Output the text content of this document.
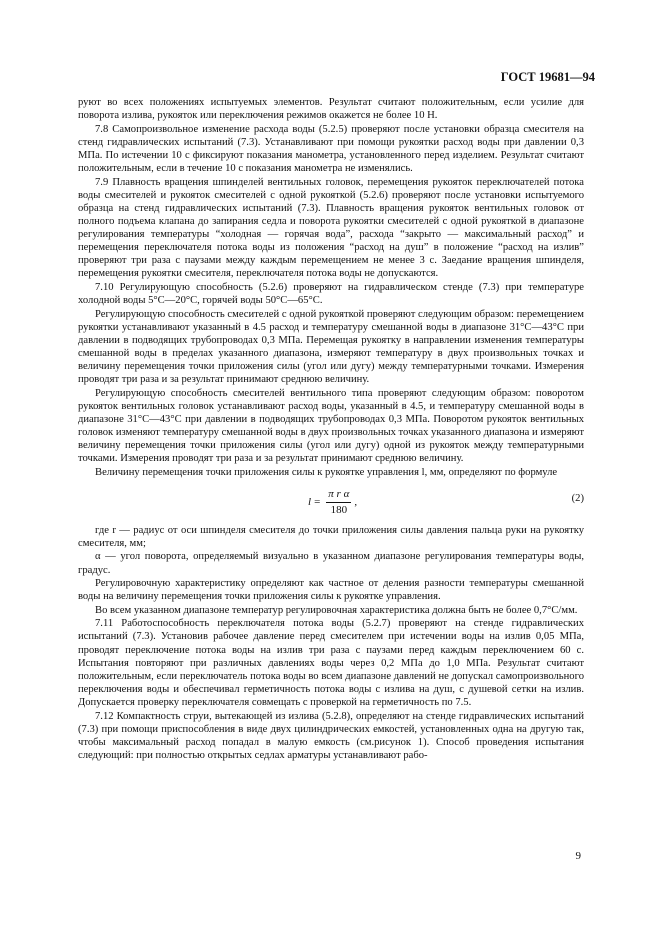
ГОСТ 19681—94

руют во всех положениях испытуемых элементов. Результат считают положительным, если усилие для поворота излива, рукояток или переключения режимов окажется не более 10 Н.

7.8 Самопроизвольное изменение расхода воды (5.2.5) проверяют после установки образца смесителя на стенд гидравлических испытаний (7.3). Устанавливают при помощи рукоятки расход воды при давлении 0,3 МПа. По истечении 10 с фиксируют показания манометра, установленного перед изделием. Результат считают положительным, если в течение 10 с показания манометра не изменялись.

7.9 Плавность вращения шпинделей вентильных головок, перемещения рукояток переключателей потока воды смесителей и рукояток смесителей с одной рукояткой (5.2.6) проверяют после установки испытуемого образца на стенд гидравлических испытаний (7.3). Плавность вращения рукояток вентильных головок от полного подъема клапана до запирания седла и поворота рукоятки смесителей с одной рукояткой в диапазоне регулирования температуры “холодная — горячая вода”, расхода “закрыто — максимальный расход” и перемещения переключателя потока воды из положения “расход на душ” в положение “расход на излив” проверяют три раза с паузами между каждым перемещением не менее 3 с. Заедание вращения шпинделя, перемещения рукоятки смесителя, переключателя потока воды не допускаются.

7.10 Регулирующую способность (5.2.6) проверяют на гидравлическом стенде (7.3) при температуре холодной воды 5°С—20°С, горячей воды 50°С—65°С.

Регулирующую способность смесителей с одной рукояткой проверяют следующим образом: перемещением рукоятки устанавливают указанный в 4.5 расход и температуру смешанной воды в диапазоне 31°С—43°С при давлении в подводящих трубопроводах 0,3 МПа. Перемещая рукоятку в направлении изменения температуры смешанной воды в пределах указанного диапазона, измеряют температуру в двух произвольных точках и величину перемещения точки приложения силы (угол или дугу) между температурными точками. Измерения проводят три раза и за результат принимают среднюю величину.

Регулирующую способность смесителей вентильного типа проверяют следующим образом: поворотом рукояток вентильных головок устанавливают расход воды, указанный в 4.5, и температуру смешанной воды в диапазоне 31°С—43°С при давлении в подводящих трубопроводах 0,3 МПа. Поворотом рукояток вентильных головок изменяют температуру смешанной воды в двух произвольных точках указанного диапазона и измеряют величину перемещения точки приложения силы (угол или дугу) одной из рукояток между температурными точками. Измерения проводят три раза и за результат принимают среднюю величину.

Величину перемещения точки приложения силы к рукоятке управления l, мм, определяют по формуле

$l = \frac{\text{π r α}}{180}$ ,	(2)

где r — радиус от оси шпинделя смесителя до точки приложения силы давления пальца руки на рукоятку смесителя, мм;

α — угол поворота, определяемый визуально в указанном диапазоне регулирования температуры воды, градус.

Регулировочную характеристику определяют как частное от деления разности температуры смешанной воды на величину перемещения точки приложения силы к рукоятке управления.

Во всем указанном диапазоне температур регулировочная характеристика должна быть не более 0,7°С/мм.

7.11 Работоспособность переключателя потока воды (5.2.7) проверяют на стенде гидравлических испытаний (7.3). Установив рабочее давление перед смесителем при истечении воды на излив 0,05 МПа, проводят переключение потока воды на излив три раза с паузами перед каждым переключением 60 с. Испытания повторяют при различных давлениях воды через 0,2 МПа до 1,0 МПа. Результат считают положительным, если переключатель потока воды во всем диапазоне давлений не допускал самопроизвольного переключения воды и обеспечивал герметичность потока воды с излива на душ, с душевой сетки на излив. Допускается проверку переключателя совмещать с проверкой на герметичность по 7.5.

7.12 Компактность струи, вытекающей из излива (5.2.8), определяют на стенде гидравлических испытаний (7.3) при помощи приспособления в виде двух цилиндрических емкостей, установленных одна на другую так, чтобы максимальный расход попадал в малую емкость (см.рисунок 1). Способ проведения испытания следующий: при полностью открытых седлах арматуры устанавливают рабо-

9
